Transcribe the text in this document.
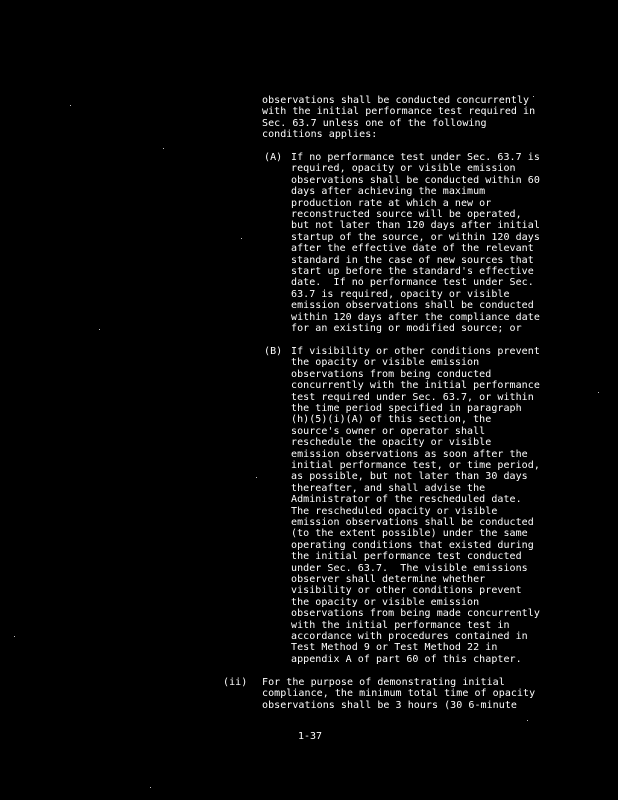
observations shall be conducted concurrently
with the initial performance test required in
Sec. 63.7 unless one of the following
conditions applies:
(A) If no performance test under Sec. 63.7 is
required, opacity or visible emission
observations shall be conducted within 60
days after achieving the maximum
production rate at which a new or
reconstructed source will be operated,
but not later than 120 days after initial
startup of the source, or within 120 days
after the effective date of the relevant
standard in the case of new sources that
start up before the standard's effective
date.  If no performance test under Sec.
63.7 is required, opacity or visible
emission observations shall be conducted
within 120 days after the compliance date
for an existing or modified source; or
(B) If visibility or other conditions prevent
the opacity or visible emission
observations from being conducted
concurrently with the initial performance
test required under Sec. 63.7, or within
the time period specified in paragraph
(h)(5)(i)(A) of this section, the
source's owner or operator shall
reschedule the opacity or visible
emission observations as soon after the
initial performance test, or time period,
as possible, but not later than 30 days
thereafter, and shall advise the
Administrator of the rescheduled date.
The rescheduled opacity or visible
emission observations shall be conducted
(to the extent possible) under the same
operating conditions that existed during
the initial performance test conducted
under Sec. 63.7.  The visible emissions
observer shall determine whether
visibility or other conditions prevent
the opacity or visible emission
observations from being made concurrently
with the initial performance test in
accordance with procedures contained in
Test Method 9 or Test Method 22 in
appendix A of part 60 of this chapter.
(ii) For the purpose of demonstrating initial
compliance, the minimum total time of opacity
observations shall be 3 hours (30 6-minute
1-37
